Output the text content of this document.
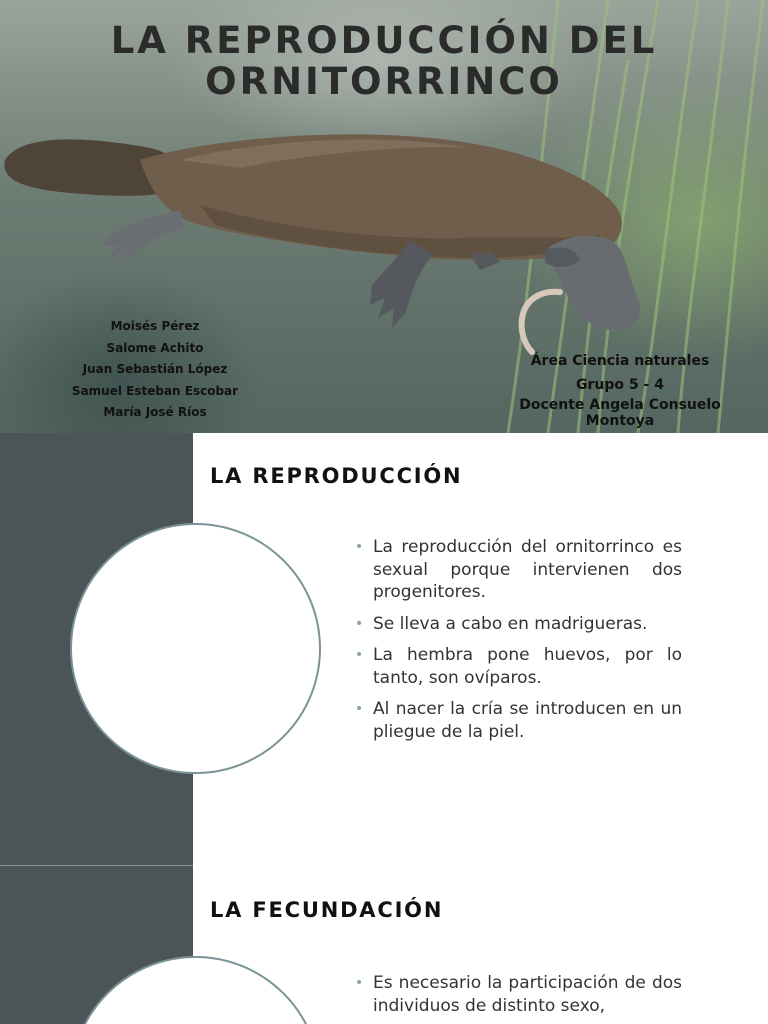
LA REPRODUCCIÓN DEL
ORNITORRINCO
Moisés Pérez
Salome Achito
Juan Sebastián López
Samuel Esteban Escobar
María José Ríos
Área Ciencia naturales
Grupo 5 - 4
Docente Angela Consuelo
Montoya
LA REPRODUCCIÓN
• La reproducción del ornitorrinco es sexual porque intervienen dos progenitores.
• Se lleva a cabo en madrigueras.
• La hembra pone huevos, por lo tanto, son ovíparos.
• Al nacer la cría se introducen en un pliegue de la piel.
LA FECUNDACIÓN
• Es necesario la participación de dos individuos de distinto sexo,
